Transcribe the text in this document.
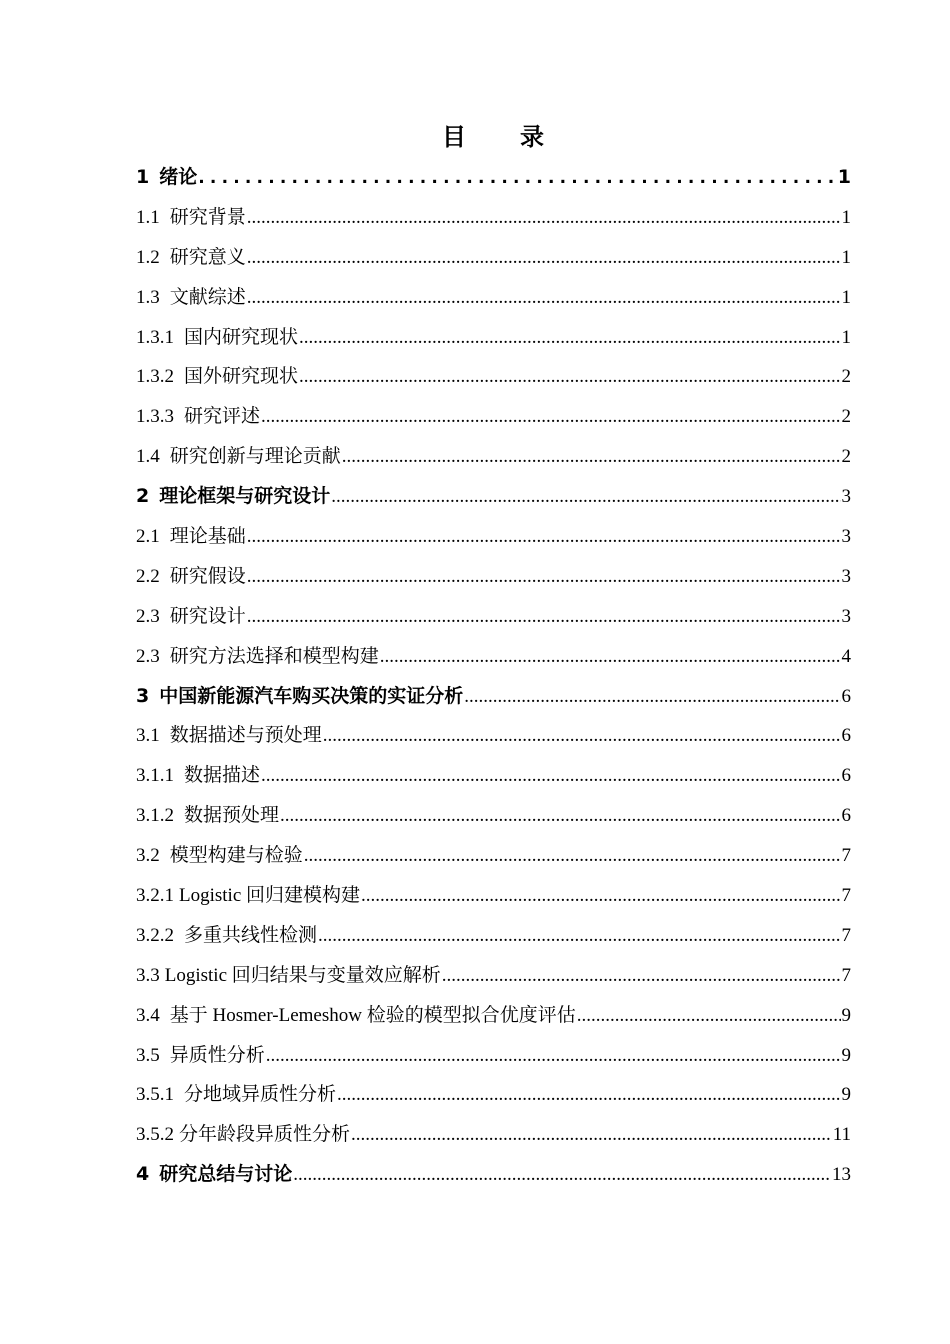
目 录
1 绪论 .....	1
1.1 研究背景 .....	1
1.2 研究意义 .....	1
1.3 文献综述 .....	1
1.3.1 国内研究现状 .....	1
1.3.2 国外研究现状 .....	2
1.3.3 研究评述 .....	2
1.4 研究创新与理论贡献 .....	2
2 理论框架与研究设计 .....	3
2.1 理论基础 .....	3
2.2 研究假设 .....	3
2.3 研究设计 .....	3
2.3 研究方法选择和模型构建 .....	4
3 中国新能源汽车购买决策的实证分析 .....	6
3.1 数据描述与预处理 .....	6
3.1.1 数据描述 .....	6
3.1.2 数据预处理 .....	6
3.2 模型构建与检验 .....	7
3.2.1 Logistic 回归建模构建 .....	7
3.2.2 多重共线性检测 .....	7
3.3 Logistic 回归结果与变量效应解析 .....	7
3.4 基于 Hosmer-Lemeshow 检验的模型拟合优度评估 .....	9
3.5 异质性分析 .....	9
3.5.1 分地域异质性分析 .....	9
3.5.2 分年龄段异质性分析 .....	11
4 研究总结与讨论 .....	13
